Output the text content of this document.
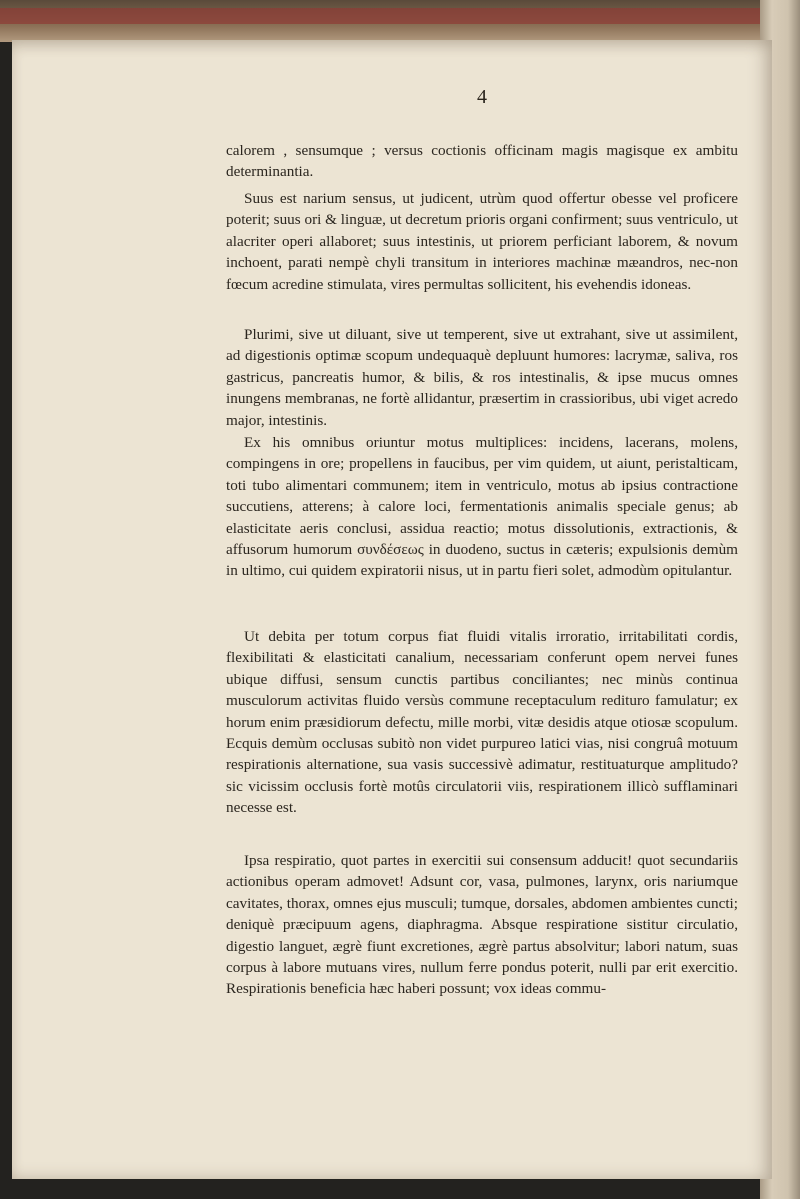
4

calorem , sensumque ; versus coctionis officinam magis magisque ex ambitu determinantia.

Suus est narium sensus, ut judicent, utrùm quod offertur obesse vel proficere poterit; suus ori & linguæ, ut decretum prioris organi confirment; suus ventriculo, ut alacriter operi allaboret; suus intestinis, ut priorem perficiant laborem, & novum inchoent, parati nempè chyli transitum in interiores machinæ mæandros, nec-non fœcum acredine stimulata, vires permultas sollicitent, his evehendis idoneas.

Plurimi, sive ut diluant, sive ut temperent, sive ut extrahant, sive ut assimilent, ad digestionis optimæ scopum undequaquè depluunt humores: lacrymæ, saliva, ros gastricus, pancreatis humor, & bilis, & ros intestinalis, & ipse mucus omnes inungens membranas, ne fortè allidantur, præsertim in crassioribus, ubi viget acredo major, intestinis.

Ex his omnibus oriuntur motus multiplices: incidens, lacerans, molens, compingens in ore; propellens in faucibus, per vim quidem, ut aiunt, peristalticam, toti tubo alimentari communem; item in ventriculo, motus ab ipsius contractione succutiens, atterens; à calore loci, fermentationis animalis speciale genus; ab elasticitate aeris conclusi, assidua reactio; motus dissolutionis, extractionis, & affusorum humorum συνδέσεως in duodeno, suctus in cæteris; expulsionis demùm in ultimo, cui quidem expiratorii nisus, ut in partu fieri solet, admodùm opitulantur.

Ut debita per totum corpus fiat fluidi vitalis irroratio, irritabilitati cordis, flexibilitati & elasticitati canalium, necessariam conferunt opem nervei funes ubique diffusi, sensum cunctis partibus conciliantes; nec minùs continua musculorum activitas fluido versùs commune receptaculum redituro famulatur; ex horum enim præsidiorum defectu, mille morbi, vitæ desidis atque otiosæ scopulum. Ecquis demùm occlusas subitò non videt purpureo latici vias, nisi congruâ motuum respirationis alternatione, sua vasis successivè adimatur, restituaturque amplitudo? sic vicissim occlusis fortè motûs circulatorii viis, respirationem illicò sufflaminari necesse est.

Ipsa respiratio, quot partes in exercitii sui consensum adducit! quot secundariis actionibus operam admovet! Adsunt cor, vasa, pulmones, larynx, oris nariumque cavitates, thorax, omnes ejus musculi; tumque, dorsales, abdomen ambientes cuncti; deniquè præcipuum agens, diaphragma. Absque respiratione sistitur circulatio, digestio languet, ægrè fiunt excretiones, ægrè partus absolvitur; labori natum, suas corpus à labore mutuans vires, nullum ferre pondus poterit, nulli par erit exercitio. Respirationis beneficia hæc haberi possunt; vox ideas commu-
